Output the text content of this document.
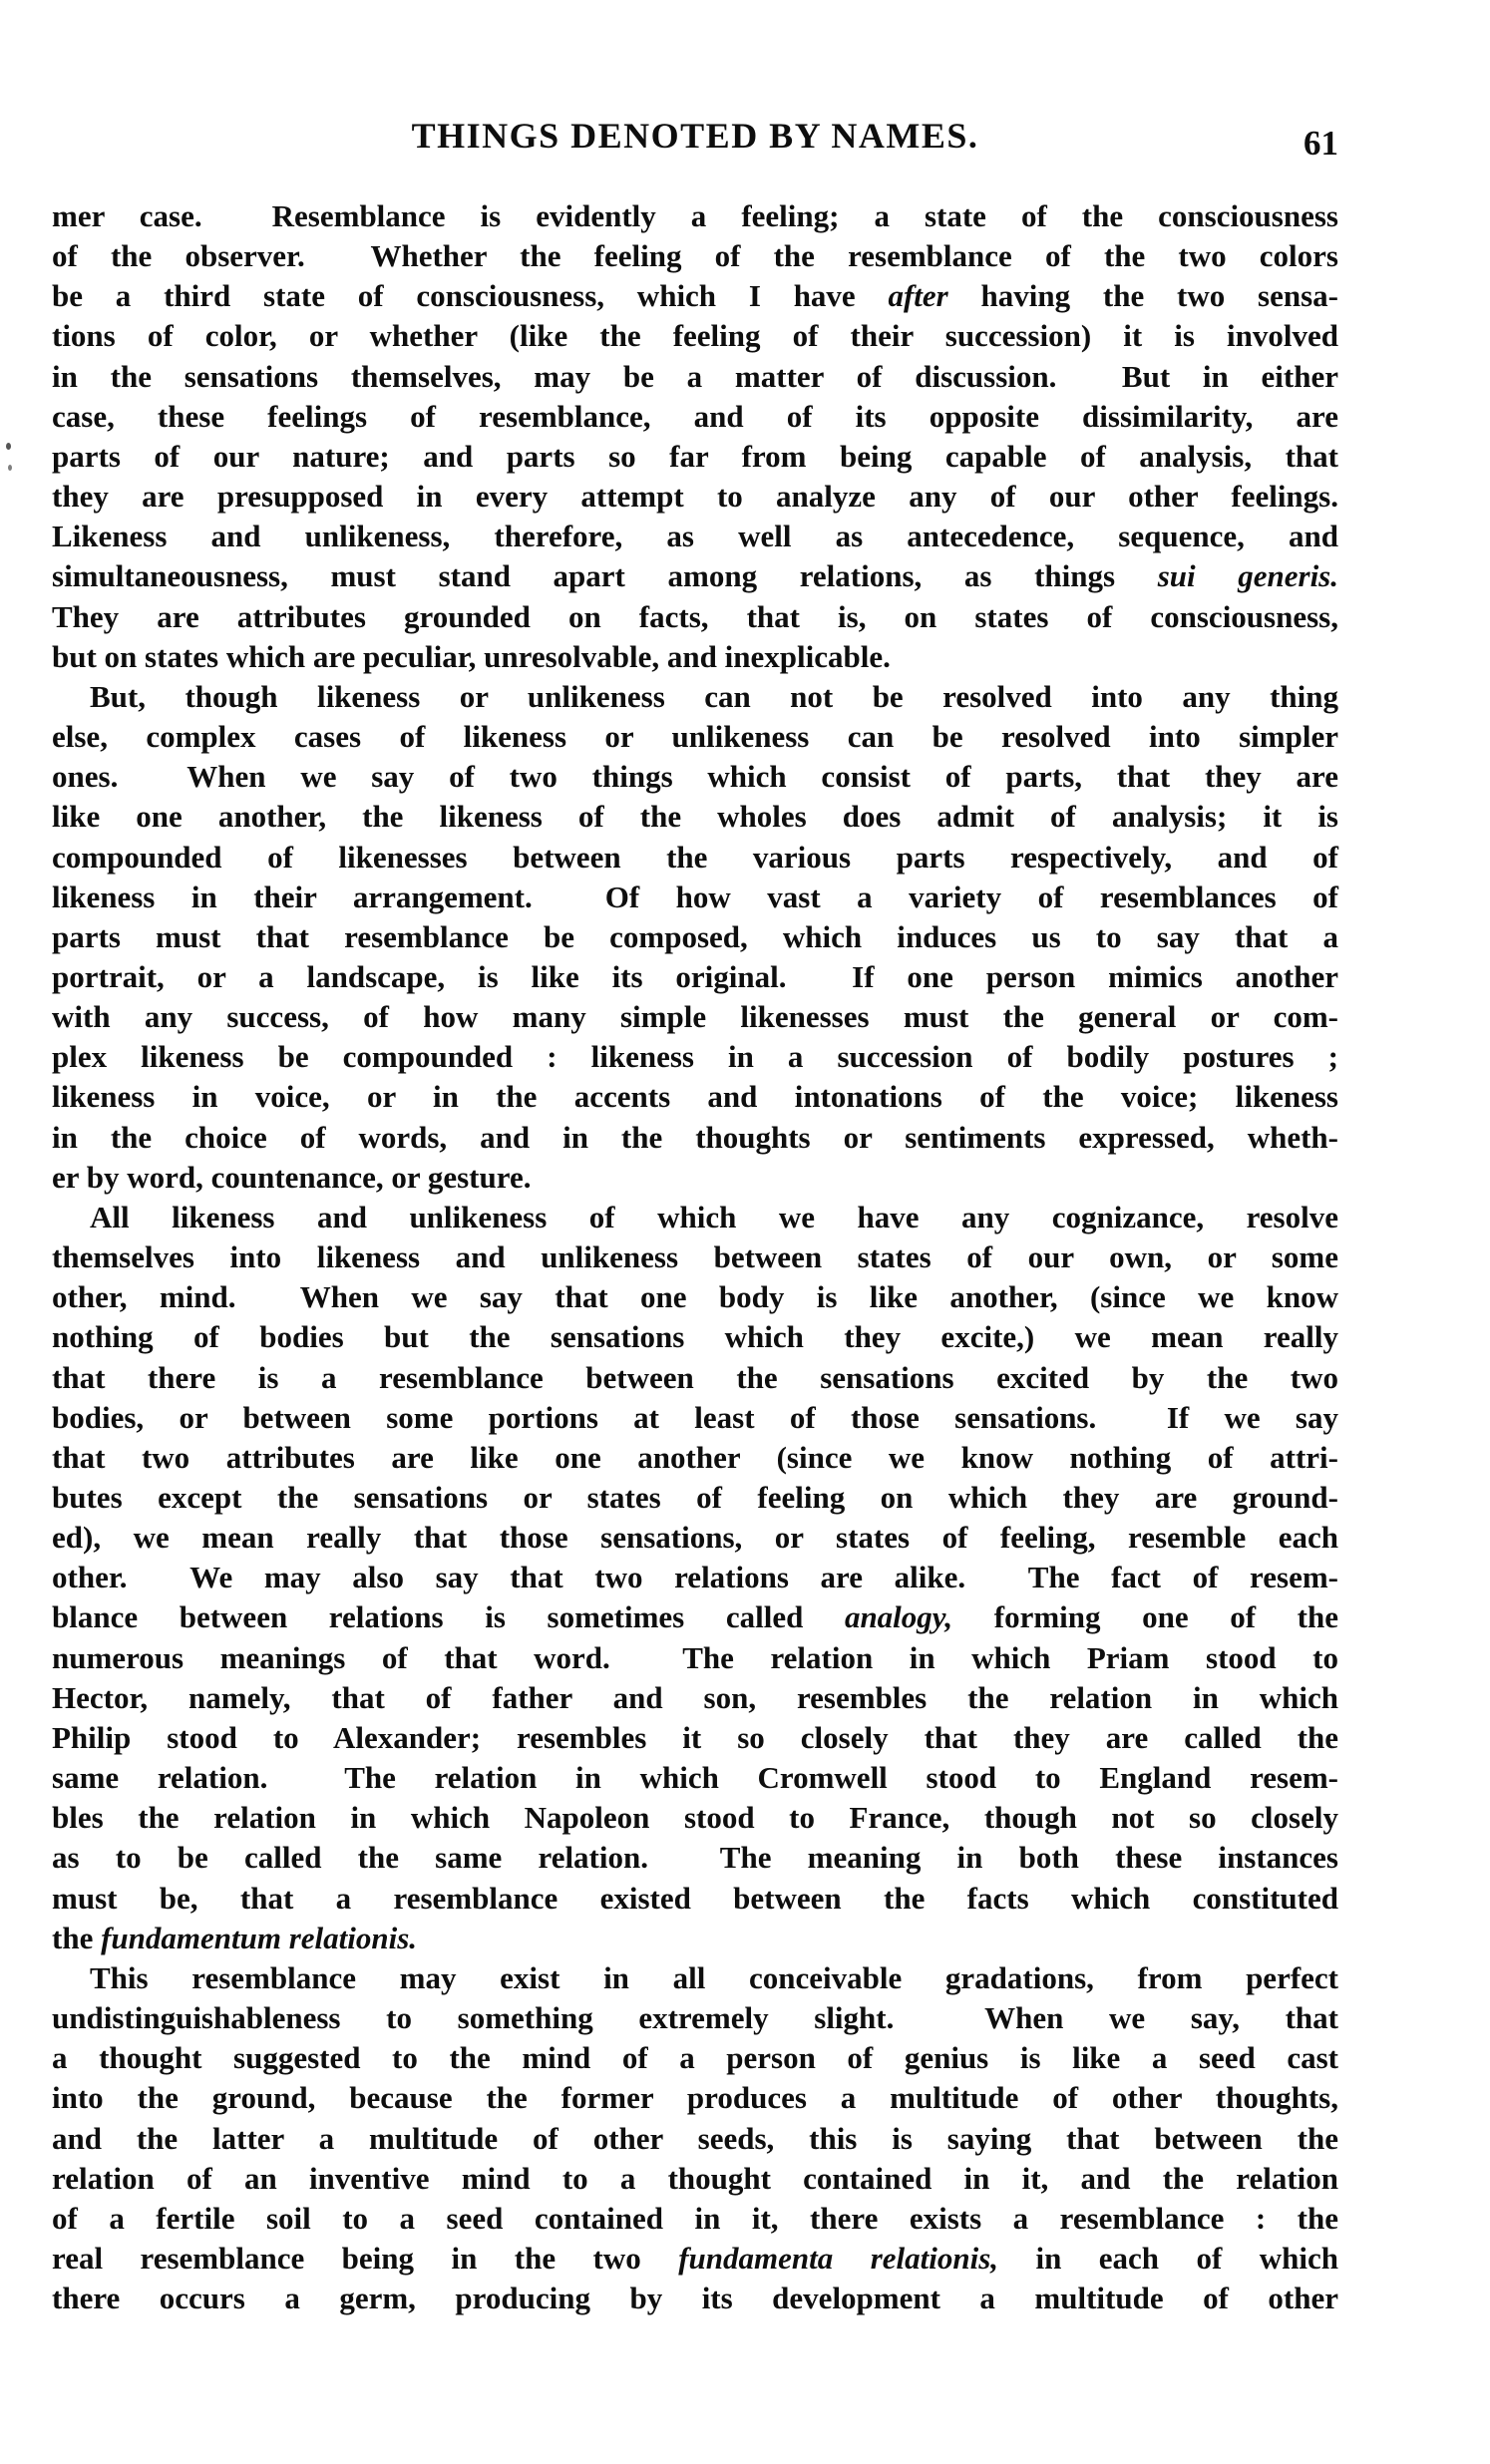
THINGS DENOTED BY NAMES.	61
mer case.  Resemblance is evidently a feeling; a state of the consciousness
of the observer.  Whether the feeling of the resemblance of the two colors
be a third state of consciousness, which I have after having the two sensa-
tions of color, or whether (like the feeling of their succession) it is involved
in the sensations themselves, may be a matter of discussion.  But in either
case, these feelings of resemblance, and of its opposite dissimilarity, are
parts of our nature; and parts so far from being capable of analysis, that
they are presupposed in every attempt to analyze any of our other feelings.
Likeness and unlikeness, therefore, as well as antecedence, sequence, and
simultaneousness, must stand apart among relations, as things sui generis.
They are attributes grounded on facts, that is, on states of consciousness,
but on states which are peculiar, unresolvable, and inexplicable.
But, though likeness or unlikeness can not be resolved into any thing
else, complex cases of likeness or unlikeness can be resolved into simpler
ones.  When we say of two things which consist of parts, that they are
like one another, the likeness of the wholes does admit of analysis; it is
compounded of likenesses between the various parts respectively, and of
likeness in their arrangement.  Of how vast a variety of resemblances of
parts must that resemblance be composed, which induces us to say that a
portrait, or a landscape, is like its original.  If one person mimics another
with any success, of how many simple likenesses must the general or com-
plex likeness be compounded : likeness in a succession of bodily postures ;
likeness in voice, or in the accents and intonations of the voice; likeness
in the choice of words, and in the thoughts or sentiments expressed, wheth-
er by word, countenance, or gesture.
All likeness and unlikeness of which we have any cognizance, resolve
themselves into likeness and unlikeness between states of our own, or some
other, mind.  When we say that one body is like another, (since we know
nothing of bodies but the sensations which they excite,) we mean really
that there is a resemblance between the sensations excited by the two
bodies, or between some portions at least of those sensations.  If we say
that two attributes are like one another (since we know nothing of attri-
butes except the sensations or states of feeling on which they are ground-
ed), we mean really that those sensations, or states of feeling, resemble each
other.  We may also say that two relations are alike.  The fact of resem-
blance between relations is sometimes called analogy, forming one of the
numerous meanings of that word.  The relation in which Priam stood to
Hector, namely, that of father and son, resembles the relation in which
Philip stood to Alexander; resembles it so closely that they are called the
same relation.  The relation in which Cromwell stood to England resem-
bles the relation in which Napoleon stood to France, though not so closely
as to be called the same relation.  The meaning in both these instances
must be, that a resemblance existed between the facts which constituted
the fundamentum relationis.
This resemblance may exist in all conceivable gradations, from perfect
undistinguishableness to something extremely slight.  When we say, that
a thought suggested to the mind of a person of genius is like a seed cast
into the ground, because the former produces a multitude of other thoughts,
and the latter a multitude of other seeds, this is saying that between the
relation of an inventive mind to a thought contained in it, and the relation
of a fertile soil to a seed contained in it, there exists a resemblance : the
real resemblance being in the two fundamenta relationis, in each of which
there occurs a germ, producing by its development a multitude of other
